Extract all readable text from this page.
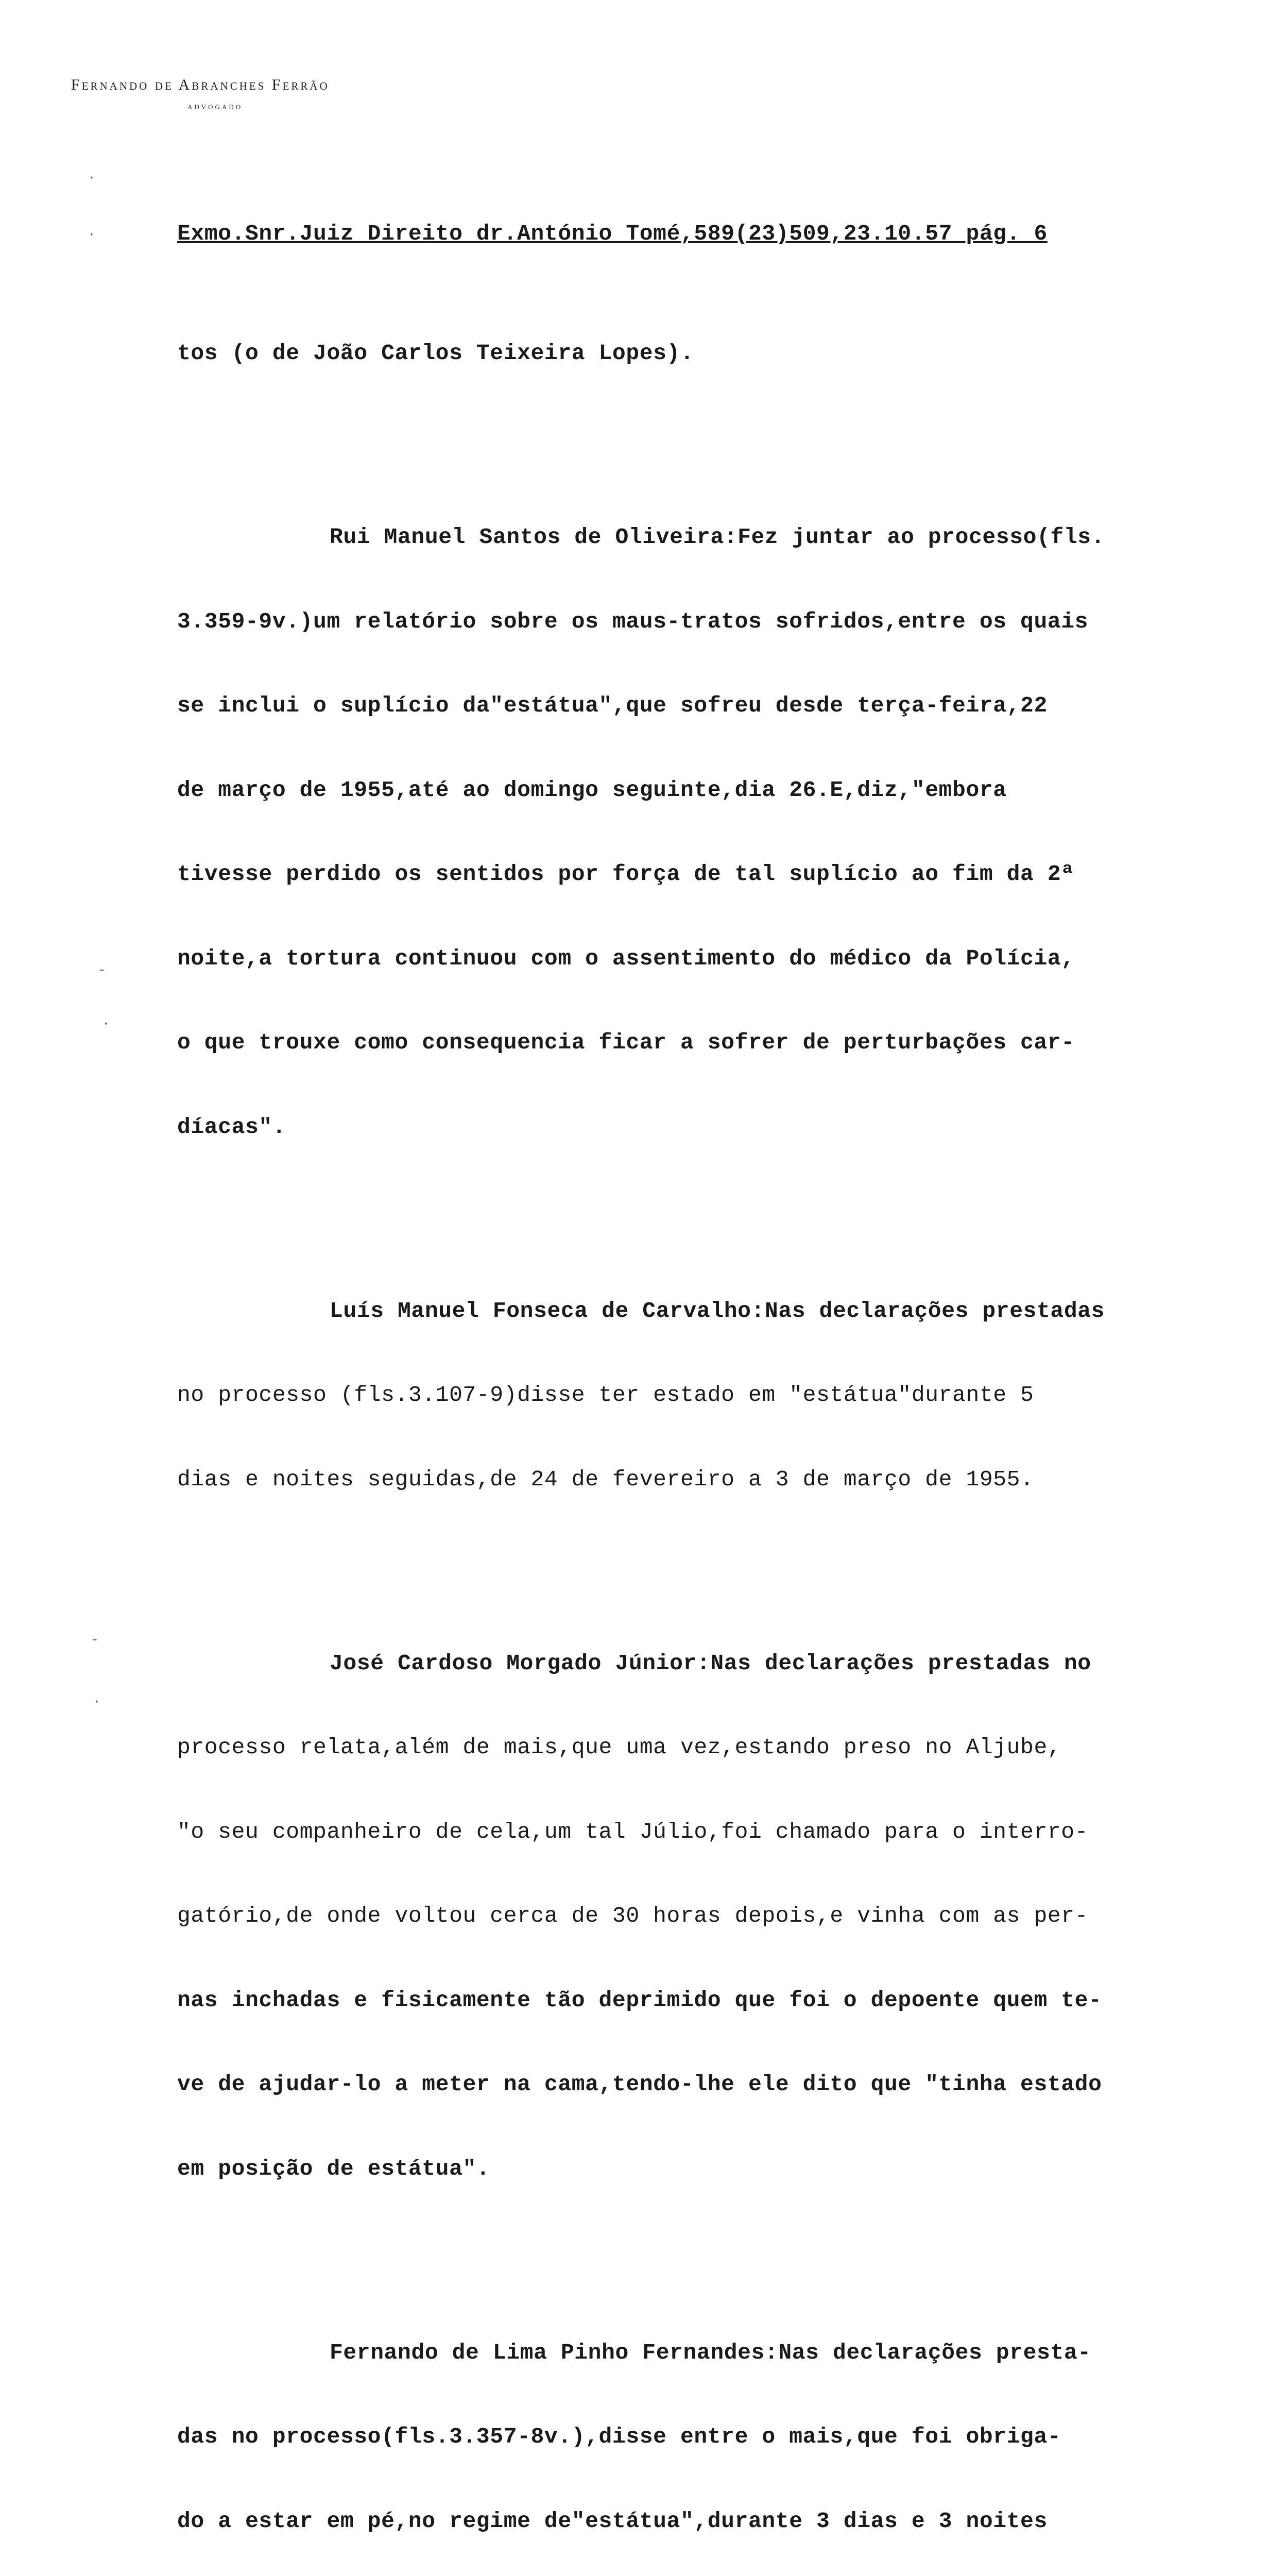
Fernando de Abranches Ferrão
advogado
·
·
-
·
-
·

Exmo.Snr.Juiz Direito dr.António Tomé,589(23)509,23.10.57 pág. 6

tos (o de João Carlos Teixeira Lopes).

Rui Manuel Santos de Oliveira:Fez juntar ao processo(fls.

3.359-9v.)um relatório sobre os maus-tratos sofridos,entre os quais

se inclui o suplício da"estátua",que sofreu desde terça-feira,22

de março de 1955,até ao domingo seguinte,dia 26.E,diz,"embora

tivesse perdido os sentidos por força de tal suplício ao fim da 2ª

noite,a tortura continuou com o assentimento do médico da Polícia,

o que trouxe como consequencia ficar a sofrer de perturbações car-

díacas".

Luís Manuel Fonseca de Carvalho:Nas declarações prestadas

no processo (fls.3.107-9)disse ter estado em "estátua"durante 5

dias e noites seguidas,de 24 de fevereiro a 3 de março de 1955.

José Cardoso Morgado Júnior:Nas declarações prestadas no

processo relata,além de mais,que uma vez,estando preso no Aljube,

"o seu companheiro de cela,um tal Júlio,foi chamado para o interro-

gatório,de onde voltou cerca de 30 horas depois,e vinha com as per-

nas inchadas e fisicamente tão deprimido que foi o depoente quem te-

ve de ajudar-lo a meter na cama,tendo-lhe ele dito que "tinha estado

em posição de estátua".

Fernando de Lima Pinho Fernandes:Nas declarações presta-

das no processo(fls.3.357-8v.),disse entre o mais,que foi obriga-

do a estar em pé,no regime de"estátua",durante 3 dias e 3 noites
